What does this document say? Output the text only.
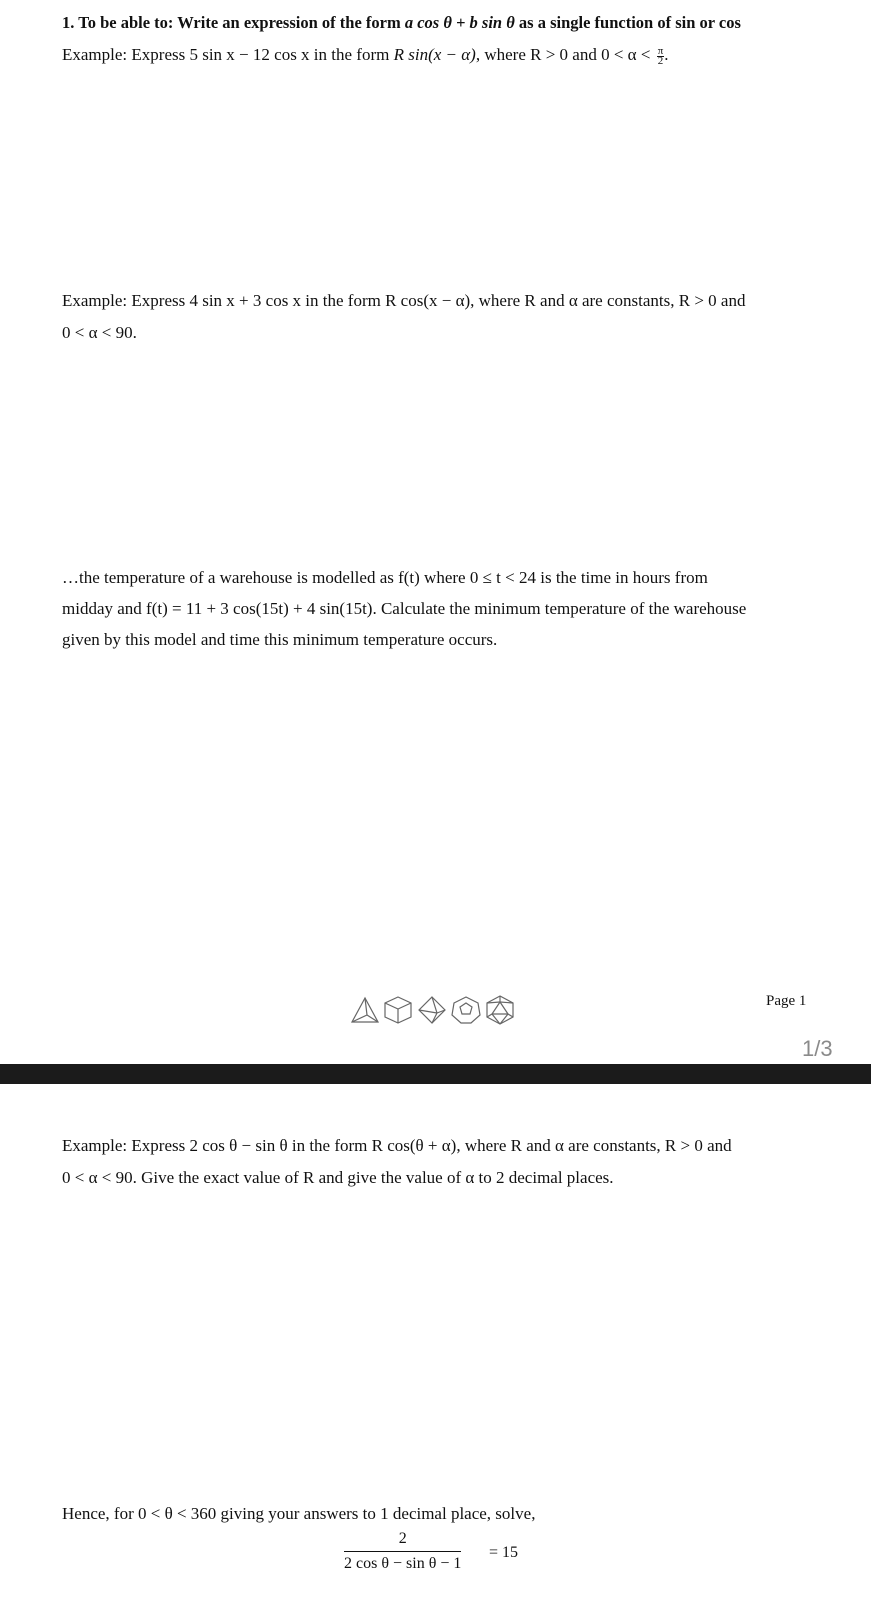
1. To be able to: Write an expression of the form a cos θ + b sin θ as a single function of sin or cos
Example: Express 5 sin x − 12 cos x in the form R sin(x − α), where R > 0 and $0 < \alpha < \frac{\pi}{2}$ .
Example: Express 4 sin x + 3 cos x in the form R cos(x − α), where R and α are constants, R > 0 and
0 < α < 90.
…the temperature of a warehouse is modelled as f(t) where 0 ≤ t < 24 is the time in hours from
midday and f(t) = 11 + 3 cos(15t) + 4 sin(15t). Calculate the minimum temperature of the warehouse
given by this model and time this minimum temperature occurs.
Page 1
1/3
Example: Express 2 cos θ − sin θ in the form R cos(θ + α), where R and α are constants, R > 0 and
0 < α < 90. Give the exact value of R and give the value of α to 2 decimal places.
Hence, for 0 < θ < 360 giving your answers to 1 decimal place, solve,
$\frac{2}{\text{2 cos θ − sin θ − 1}} = 15$
